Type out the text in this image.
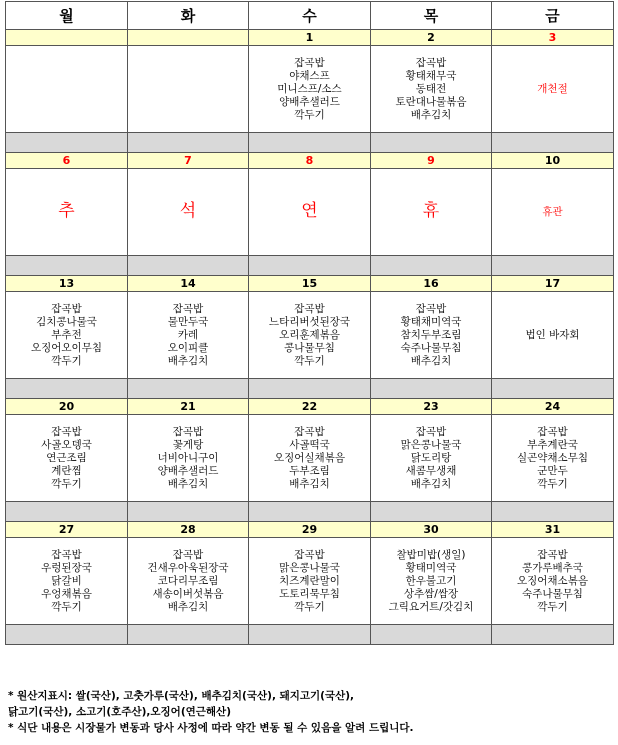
월	화	수	목	금
		1	2	3

		잡곡밥
야채스프
미니스프/소스
양배추샐러드
깍두기	잡곡밥
황태채무국
동태전
토란대나물볶음
배추김치	개천절

6	7	8	9	10
추	석	연	휴	휴관

13	14	15	16	17

잡곡밥
김치콩나물국
부추전
오징어오이무침
깍두기	잡곡밥
물만두국
카레
오이피클
배추김치	잡곡밥
느타리버섯된장국
오리훈제볶음
콩나물무침
깍두기	잡곡밥
황태채미역국
참치두부조림
숙주나물무침
배추김치	법인 바자회

20	21	22	23	24

잡곡밥
사골오뎅국
연근조림
계란찜
깍두기	잡곡밥
꽃게탕
너비아니구이
양배추샐러드
배추김치	잡곡밥
사골떡국
오징어실채볶음
두부조림
배추김치	잡곡밥
맑은콩나물국
닭도리탕
새콤무생채
배추김치	잡곡밥
부추계란국
실곤약채소무침
군만두
깍두기

27	28	29	30	31

잡곡밥
우렁된장국
닭갈비
우엉채볶음
깍두기	잡곡밥
건새우아욱된장국
코다리무조림
새송이버섯볶음
배추김치	잡곡밥
맑은콩나물국
치즈계란말이
도토리묵무침
깍두기	찰밥미밥(생일)
황태미역국
한우불고기
상추쌈/쌈장
그릭요거트/갓김치	잡곡밥
콩가루배추국
오징어채소볶음
숙주나물무침
깍두기

* 원산지표시: 쌀(국산), 고춧가루(국산), 배추김치(국산), 돼지고기(국산),
닭고기(국산), 소고기(호주산),오징어(연근해산)
* 식단 내용은 시장물가 변동과 당사 사정에 따라 약간 변동 될 수 있음을 알려 드립니다.
